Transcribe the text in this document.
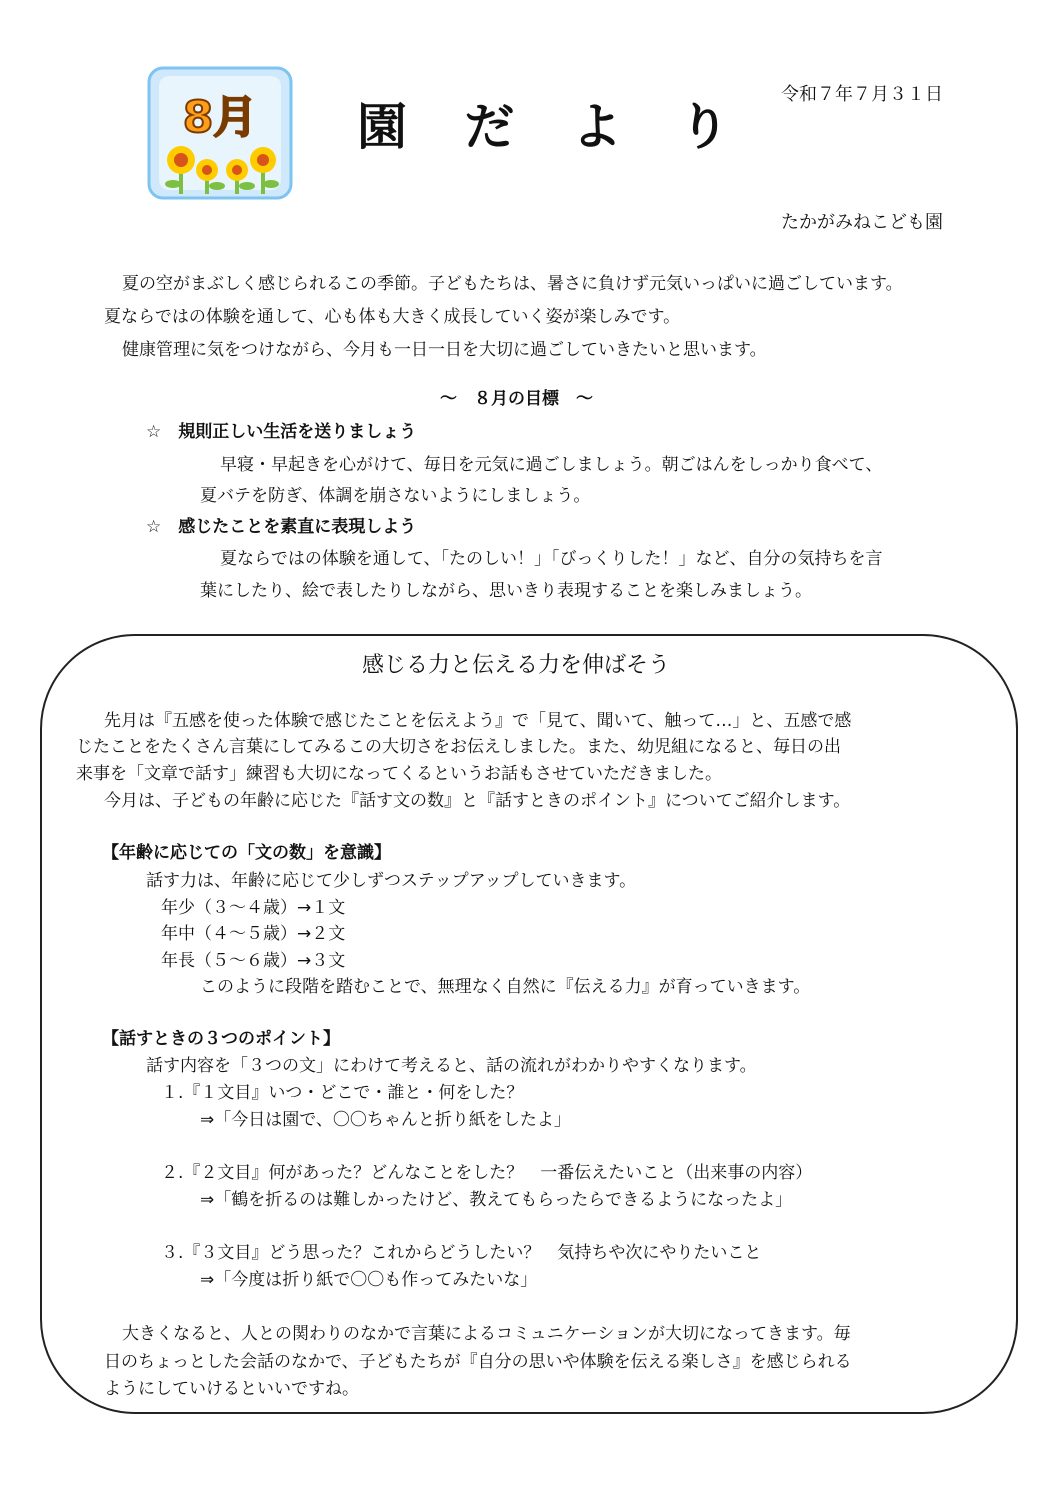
8月 園 だ よ り
令和７年７月３１日
たかがみねこども園
夏の空がまぶしく感じられるこの季節。子どもたちは、暑さに負けず元気いっぱいに過ごしています。
夏ならではの体験を通して、心も体も大きく成長していく姿が楽しみです。
健康管理に気をつけながら、今月も一日一日を大切に過ごしていきたいと思います。
～　８月の目標　～
☆　規則正しい生活を送りましょう
早寝・早起きを心がけて、毎日を元気に過ごしましょう。朝ごはんをしっかり食べて、
夏バテを防ぎ、体調を崩さないようにしましょう。
☆　感じたことを素直に表現しよう
夏ならではの体験を通して、「たのしい！」「びっくりした！」など、自分の気持ちを言
葉にしたり、絵で表したりしながら、思いきり表現することを楽しみましょう。
感じる力と伝える力を伸ばそう
先月は『五感を使った体験で感じたことを伝えよう』で「見て、聞いて、触って…」と、五感で感
じたことをたくさん言葉にしてみるこの大切さをお伝えしました。また、幼児組になると、毎日の出
来事を「文章で話す」練習も大切になってくるというお話もさせていただきました。
今月は、子どもの年齢に応じた『話す文の数』と『話すときのポイント』についてご紹介します。
【年齢に応じての「文の数」を意識】
話す力は、年齢に応じて少しずつステップアップしていきます。
年少（３～４歳）→１文
年中（４～５歳）→２文
年長（５～６歳）→３文
このように段階を踏むことで、無理なく自然に『伝える力』が育っていきます。
【話すときの３つのポイント】
話す内容を「３つの文」にわけて考えると、話の流れがわかりやすくなります。
１.『１文目』いつ・どこで・誰と・何をした？
⇒「今日は園で、〇〇ちゃんと折り紙をしたよ」
２.『２文目』何があった？どんなことをした？　一番伝えたいこと（出来事の内容）
⇒「鶴を折るのは難しかったけど、教えてもらったらできるようになったよ」
３.『３文目』どう思った？これからどうしたい？　気持ちや次にやりたいこと
⇒「今度は折り紙で〇〇も作ってみたいな」
大きくなると、人との関わりのなかで言葉によるコミュニケーションが大切になってきます。毎
日のちょっとした会話のなかで、子どもたちが『自分の思いや体験を伝える楽しさ』を感じられる
ようにしていけるといいですね。
